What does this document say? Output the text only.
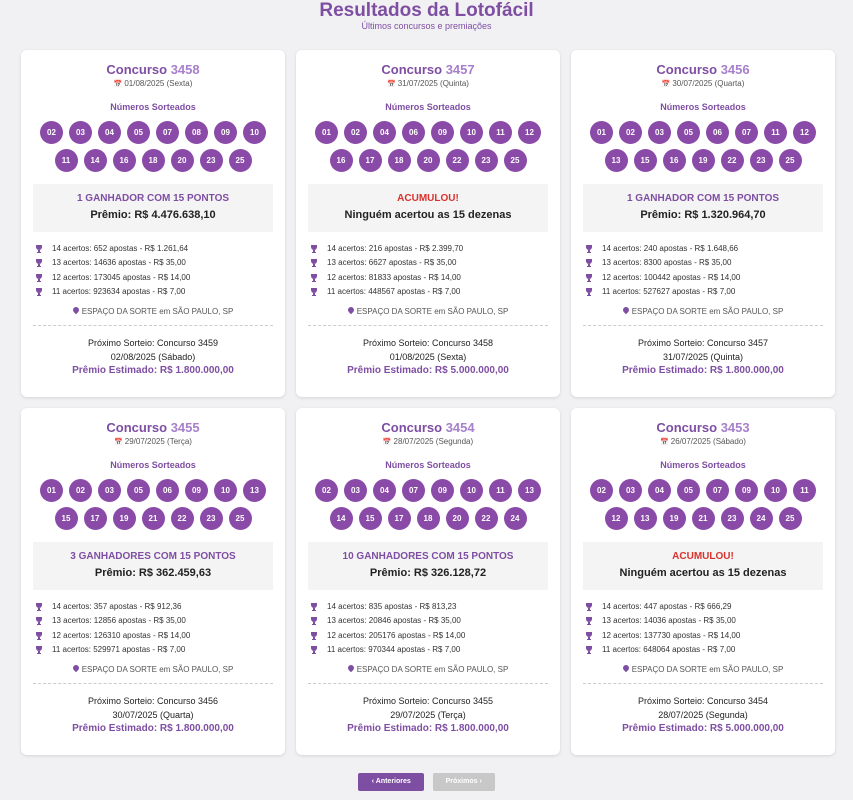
Resultados da Lotofácil
Últimos concursos e premiações
Concurso 3458
📅 01/08/2025 (Sexta)
Números Sorteados
02	03	04	05	07	08	09	10
11	14	16	18	20	23	25
1 GANHADOR COM 15 PONTOS
Prêmio: R$ 4.476.638,10
14 acertos: 652 apostas - R$ 1.261,64
13 acertos: 14636 apostas - R$ 35,00
12 acertos: 173045 apostas - R$ 14,00
11 acertos: 923634 apostas - R$ 7,00
ESPAÇO DA SORTE em SÃO PAULO, SP
Próximo Sorteio: Concurso 3459
02/08/2025 (Sábado)
Prêmio Estimado: R$ 1.800.000,00
Concurso 3457
📅 31/07/2025 (Quinta)
Números Sorteados
01	02	04	06	09	10	11	12
16	17	18	20	22	23	25
ACUMULOU!
Ninguém acertou as 15 dezenas
14 acertos: 216 apostas - R$ 2.399,70
13 acertos: 6627 apostas - R$ 35,00
12 acertos: 81833 apostas - R$ 14,00
11 acertos: 448567 apostas - R$ 7,00
ESPAÇO DA SORTE em SÃO PAULO, SP
Próximo Sorteio: Concurso 3458
01/08/2025 (Sexta)
Prêmio Estimado: R$ 5.000.000,00
Concurso 3456
📅 30/07/2025 (Quarta)
Números Sorteados
01	02	03	05	06	07	11	12
13	15	16	19	22	23	25
1 GANHADOR COM 15 PONTOS
Prêmio: R$ 1.320.964,70
14 acertos: 240 apostas - R$ 1.648,66
13 acertos: 8300 apostas - R$ 35,00
12 acertos: 100442 apostas - R$ 14,00
11 acertos: 527627 apostas - R$ 7,00
ESPAÇO DA SORTE em SÃO PAULO, SP
Próximo Sorteio: Concurso 3457
31/07/2025 (Quinta)
Prêmio Estimado: R$ 1.800.000,00
Concurso 3455
📅 29/07/2025 (Terça)
Números Sorteados
01	02	03	05	06	09	10	13
15	17	19	21	22	23	25
3 GANHADORES COM 15 PONTOS
Prêmio: R$ 362.459,63
14 acertos: 357 apostas - R$ 912,36
13 acertos: 12856 apostas - R$ 35,00
12 acertos: 126310 apostas - R$ 14,00
11 acertos: 529971 apostas - R$ 7,00
ESPAÇO DA SORTE em SÃO PAULO, SP
Próximo Sorteio: Concurso 3456
30/07/2025 (Quarta)
Prêmio Estimado: R$ 1.800.000,00
Concurso 3454
📅 28/07/2025 (Segunda)
Números Sorteados
02	03	04	07	09	10	11	13
14	15	17	18	20	22	24
10 GANHADORES COM 15 PONTOS
Prêmio: R$ 326.128,72
14 acertos: 835 apostas - R$ 813,23
13 acertos: 20846 apostas - R$ 35,00
12 acertos: 205176 apostas - R$ 14,00
11 acertos: 970344 apostas - R$ 7,00
ESPAÇO DA SORTE em SÃO PAULO, SP
Próximo Sorteio: Concurso 3455
29/07/2025 (Terça)
Prêmio Estimado: R$ 1.800.000,00
Concurso 3453
📅 26/07/2025 (Sábado)
Números Sorteados
02	03	04	05	07	09	10	11
12	13	19	21	23	24	25
ACUMULOU!
Ninguém acertou as 15 dezenas
14 acertos: 447 apostas - R$ 666,29
13 acertos: 14036 apostas - R$ 35,00
12 acertos: 137730 apostas - R$ 14,00
11 acertos: 648064 apostas - R$ 7,00
ESPAÇO DA SORTE em SÃO PAULO, SP
Próximo Sorteio: Concurso 3454
28/07/2025 (Segunda)
Prêmio Estimado: R$ 5.000.000,00
‹ Anteriores	Próximos ›
